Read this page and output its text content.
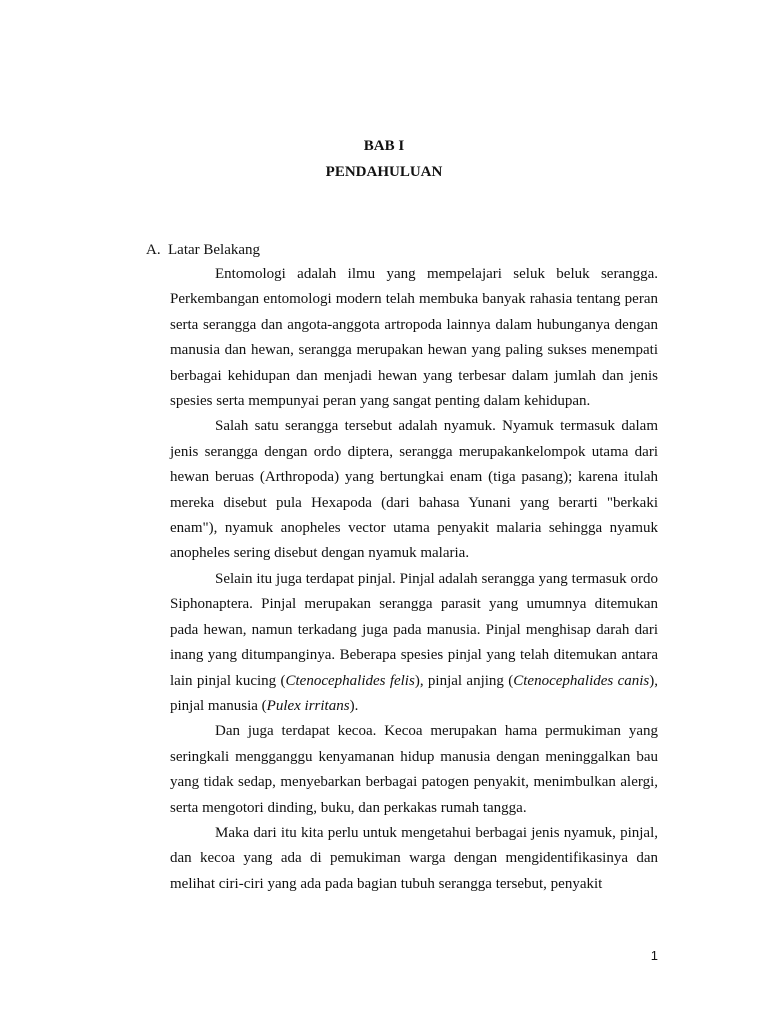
BAB I
PENDAHULUAN
A. Latar Belakang

Entomologi adalah ilmu yang mempelajari seluk beluk serangga. Perkembangan entomologi modern telah membuka banyak rahasia tentang peran serta serangga dan angota-anggota artropoda lainnya dalam hubunganya dengan manusia dan hewan, serangga merupakan hewan yang paling sukses menempati berbagai kehidupan dan menjadi hewan yang terbesar dalam jumlah dan jenis spesies serta mempunyai peran yang sangat penting dalam kehidupan.

Salah satu serangga tersebut adalah nyamuk. Nyamuk termasuk dalam jenis serangga dengan ordo diptera, serangga merupakankelompok utama dari hewan beruas (Arthropoda) yang bertungkai enam (tiga pasang); karena itulah mereka disebut pula Hexapoda (dari bahasa Yunani yang berarti "berkaki enam"), nyamuk anopheles vector utama penyakit malaria sehingga nyamuk anopheles sering disebut dengan nyamuk malaria.

Selain itu juga terdapat pinjal. Pinjal adalah serangga yang termasuk ordo Siphonaptera. Pinjal merupakan serangga parasit yang umumnya ditemukan pada hewan, namun terkadang juga pada manusia. Pinjal menghisap darah dari inang yang ditumpanginya. Beberapa spesies pinjal yang telah ditemukan antara lain pinjal kucing (Ctenocephalides felis), pinjal anjing (Ctenocephalides canis), pinjal manusia (Pulex irritans).

Dan juga terdapat kecoa. Kecoa merupakan hama permukiman yang seringkali mengganggu kenyamanan hidup manusia dengan meninggalkan bau yang tidak sedap, menyebarkan berbagai patogen penyakit, menimbulkan alergi, serta mengotori dinding, buku, dan perkakas rumah tangga.

Maka dari itu kita perlu untuk mengetahui berbagai jenis nyamuk, pinjal, dan kecoa yang ada di pemukiman warga dengan mengidentifikasinya dan melihat ciri-ciri yang ada pada bagian tubuh serangga tersebut, penyakit

1
